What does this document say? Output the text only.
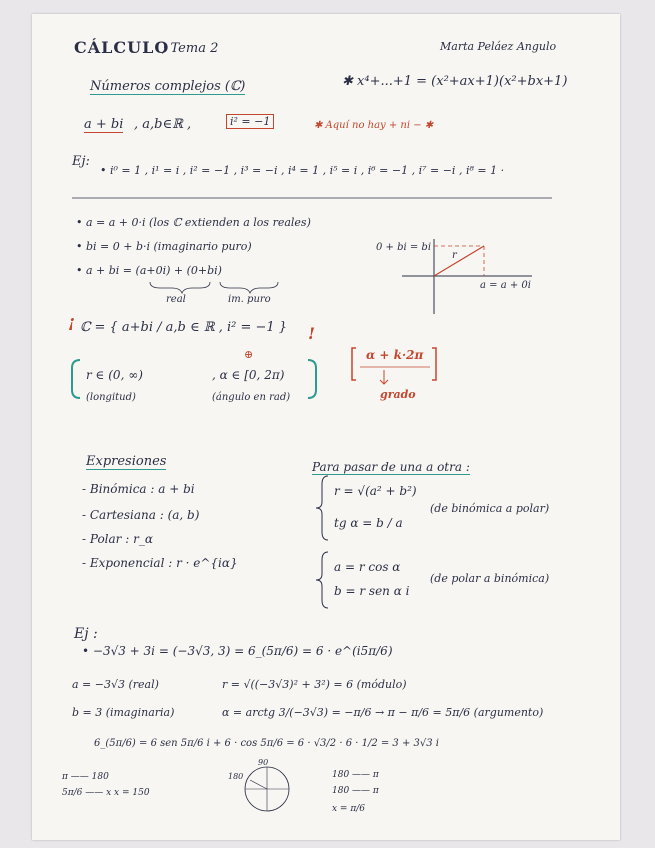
CÁLCULO
; Tema 2	Marta Peláez Angulo
Números complejos (ℂ)	✱ x⁴+...+1 = (x²+ax+1)(x²+bx+1)
a + bi , a,b∈ℝ ,	i² = −1	✱ Aquí no hay + ni − ✱
Ej:
• i⁰ = 1 , i¹ = i , i² = −1 , i³ = −i , i⁴ = 1 , i⁵ = i , i⁶ = −1 , i⁷ = −i , i⁸ = 1 ·
• a = a + 0·i (los ℂ extienden a los reales)
• bi = 0 + b·i (imaginario puro)
• a + bi = (a+0i) + (0+bi)
real	im. puro
0 + bi = bi
r
a = a + 0i
¡ ℂ = { a+bi / a,b ∈ ℝ , i² = −1 } !
r ∈ (0, ∞)	, α ∈ [0, 2π)
(longitud)	(ángulo en rad)
⊕	α + k·2π
grado
Expresiones
- Binómica : a + bi
- Cartesiana : (a, b)
- Polar : r_α
- Exponencial : r · e^{iα}
Para pasar de una a otra :
r = √(a² + b²)
tg α = b / a
(de binómica a polar)
a = r cos α
b = r sen α i
(de polar a binómica)
Ej :
• −3√3 + 3i = (−3√3, 3) = 6_(5π/6) = 6 · e^(i5π/6)
a = −3√3 (real)	r = √((−3√3)² + 3²) = 6 (módulo)
b = 3 (imaginaria)	α = arctg 3/(−3√3) = −π/6 → π − π/6 = 5π/6 (argumento)
6_(5π/6) = 6 sen 5π/6 i + 6 · cos 5π/6 = 6 · √3/2 · 6 · 1/2 = 3 + 3√3 i
π —— 180
5π/6 —— x x = 150
90
180	180 —— π
180 —— π
x = π/6
